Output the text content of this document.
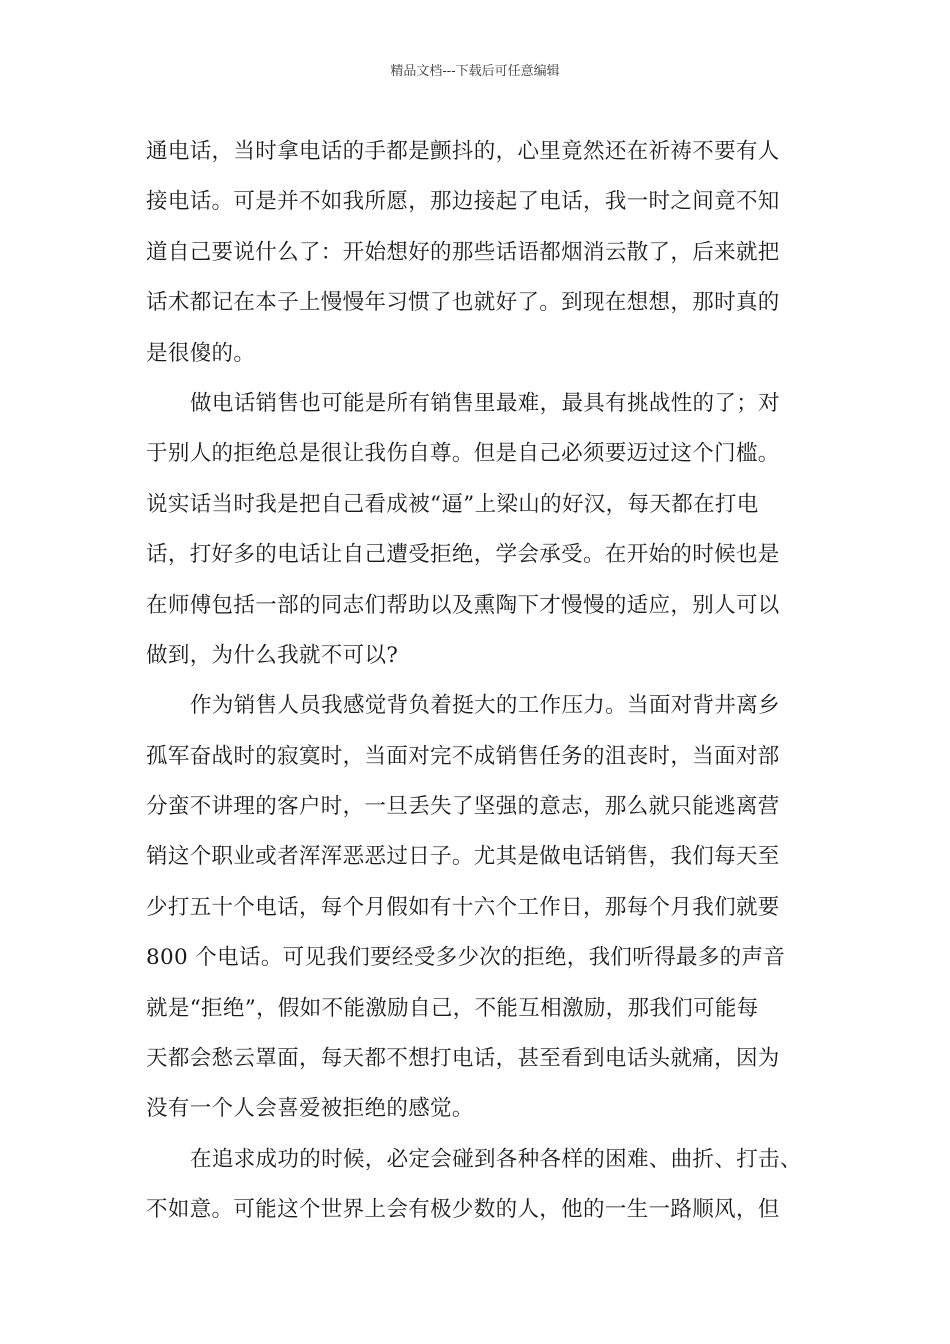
精品文档---下载后可任意编辑
通电话，当时拿电话的手都是颤抖的，心里竟然还在祈祷不要有人
接电话。可是并不如我所愿，那边接起了电话，我一时之间竟不知
道自己要说什么了：开始想好的那些话语都烟消云散了，后来就把
话术都记在本子上慢慢年习惯了也就好了。到现在想想，那时真的
是很傻的。
做电话销售也可能是所有销售里最难，最具有挑战性的了；对
于别人的拒绝总是很让我伤自尊。但是自己必须要迈过这个门槛。
说实话当时我是把自己看成被“逼”上梁山的好汉，每天都在打电
话，打好多的电话让自己遭受拒绝，学会承受。在开始的时候也是
在师傅包括一部的同志们帮助以及熏陶下才慢慢的适应，别人可以
做到，为什么我就不可以?
作为销售人员我感觉背负着挺大的工作压力。当面对背井离乡
孤军奋战时的寂寞时，当面对完不成销售任务的沮丧时，当面对部
分蛮不讲理的客户时，一旦丢失了坚强的意志，那么就只能逃离营
销这个职业或者浑浑恶恶过日子。尤其是做电话销售，我们每天至
少打五十个电话，每个月假如有十六个工作日，那每个月我们就要
800 个电话。可见我们要经受多少次的拒绝，我们听得最多的声音
就是“拒绝”，假如不能激励自己，不能互相激励，那我们可能每
天都会愁云罩面，每天都不想打电话，甚至看到电话头就痛，因为
没有一个人会喜爱被拒绝的感觉。
在追求成功的时候，必定会碰到各种各样的困难、曲折、打击、
不如意。可能这个世界上会有极少数的人，他的一生一路顺风，但
